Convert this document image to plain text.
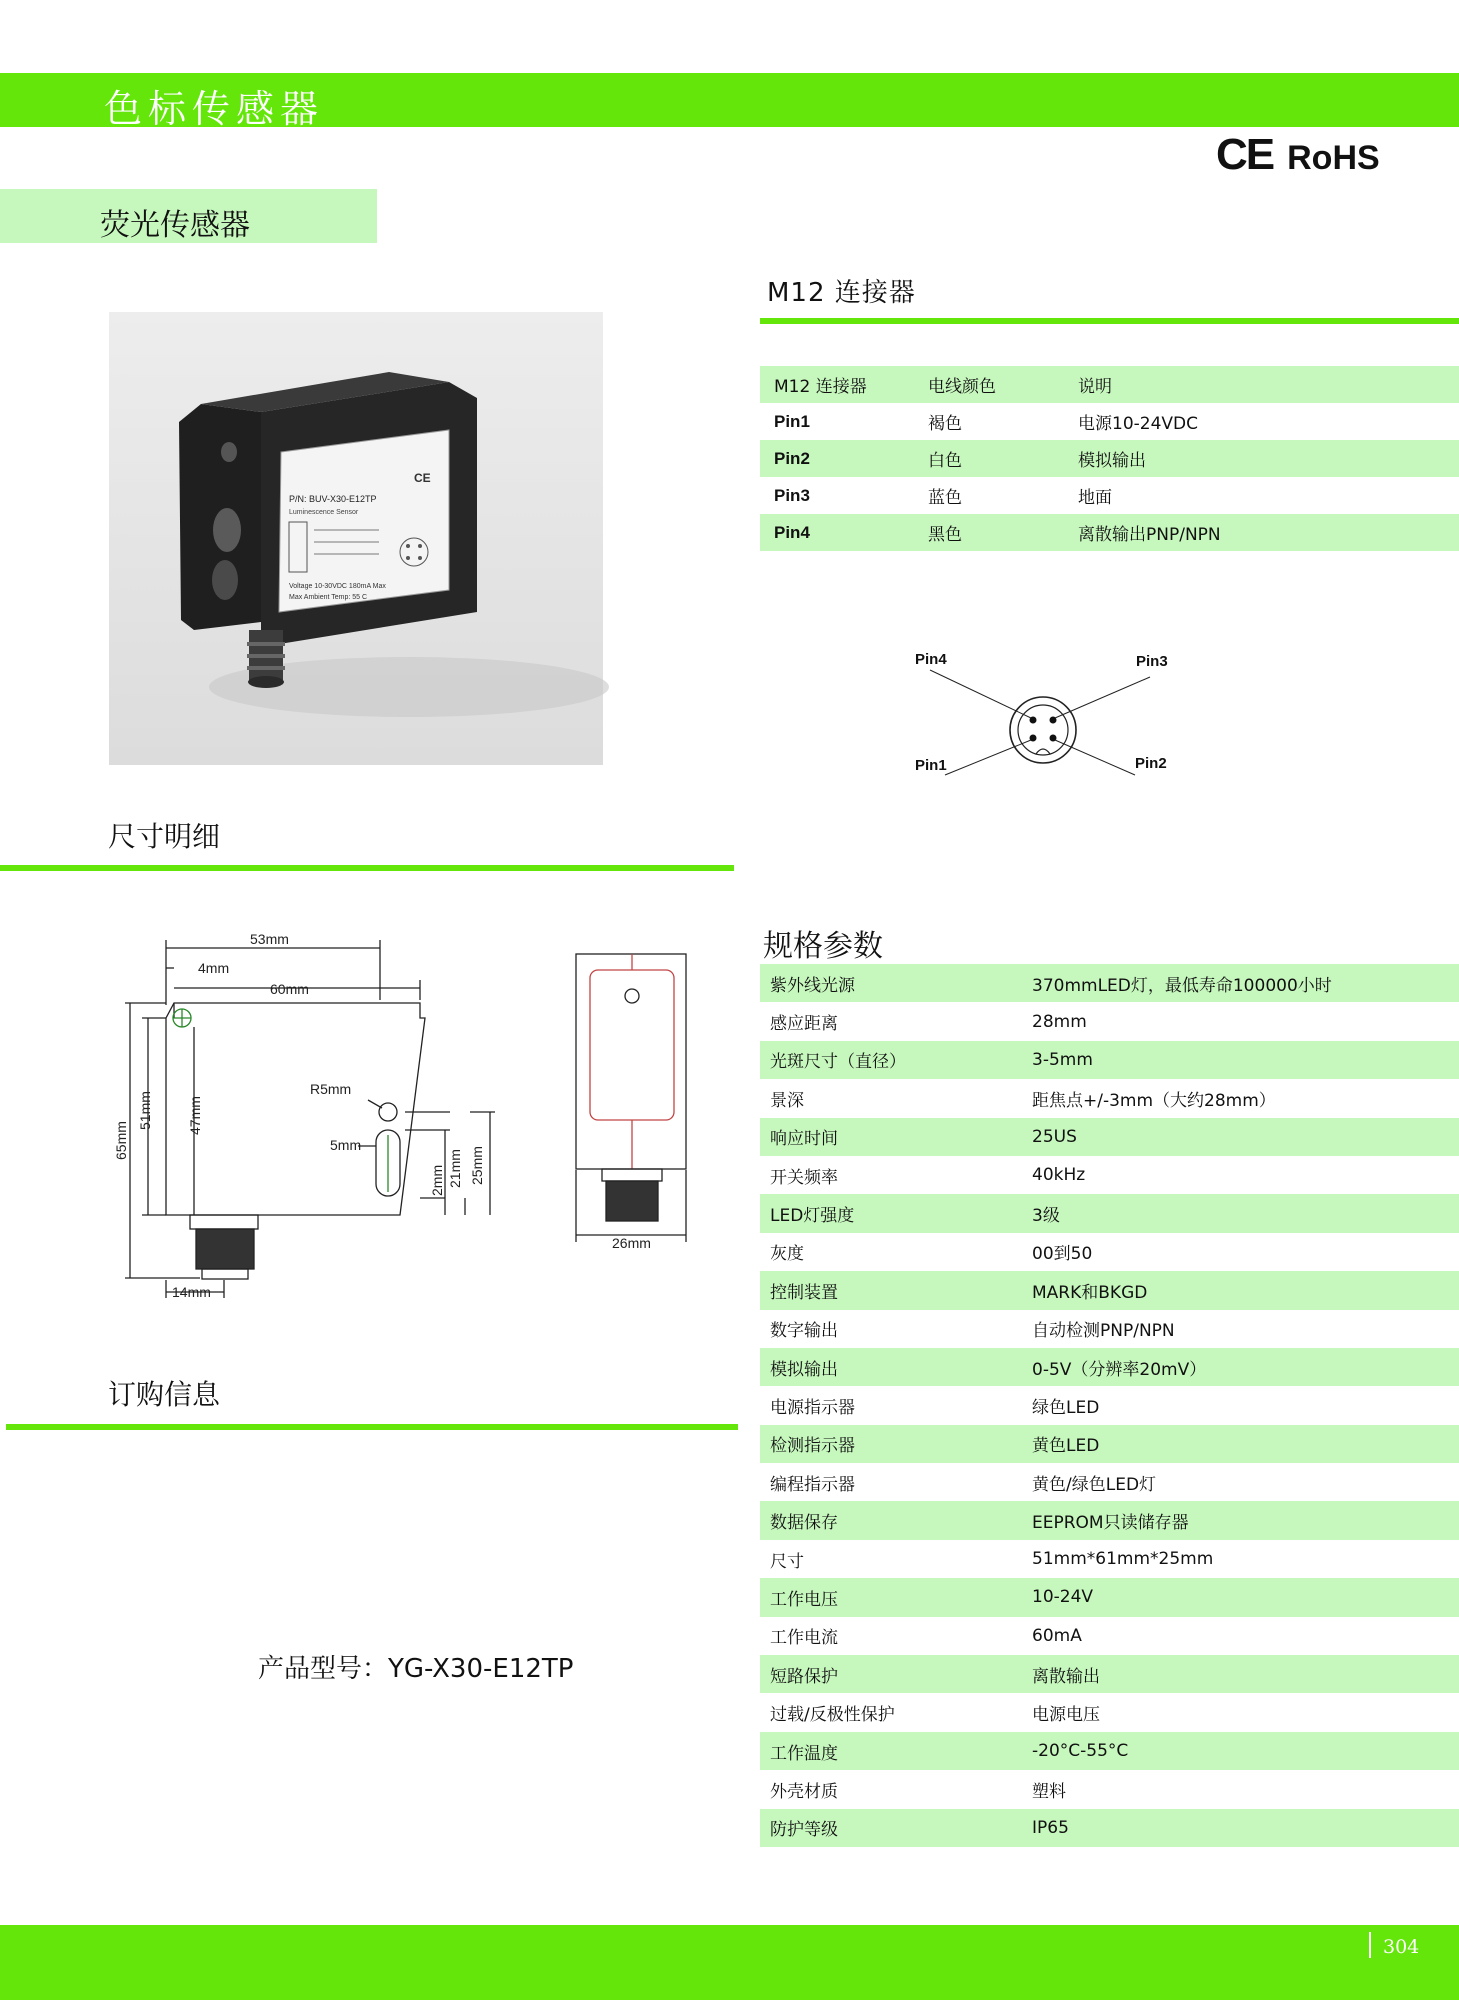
色标传感器
CE RoHS
荧光传感器
CE
P/N: BUV-X30-E12TP
Luminescence Sensor
Voltage 10-30VDC 180mA Max
Max Ambient Temp: 55 C
M12 连接器
M12 连接器	电线颜色	说明
Pin1	褐色	电源10-24VDC
Pin2	白色	模拟输出
Pin3	蓝色	地面
Pin4	黑色	离散输出PNP/NPN
Pin4	Pin3
Pin1	Pin2
尺寸明细
53mm
4mm
60mm
65mm
51mm 47mm
R5mm
5mm
21mm 25mm
2mm
14mm
26mm
订购信息
产品型号：YG-X30-E12TP
规格参数
紫外线光源	370mmLED灯，最低寿命100000小时
感应距离	28mm
光斑尺寸（直径）	3-5mm
景深	距焦点+/-3mm（大约28mm）
响应时间	25US
开关频率	40kHz
LED灯强度	3级
灰度	00到50
控制装置	MARK和BKGD
数字输出	自动检测PNP/NPN
模拟输出	0-5V（分辨率20mV）
电源指示器	绿色LED
检测指示器	黄色LED
编程指示器	黄色/绿色LED灯
数据保存	EEPROM只读储存器
尺寸	51mm*61mm*25mm
工作电压	10-24V
工作电流	60mA
短路保护	离散输出
过载/反极性保护	电源电压
工作温度	-20°C-55°C
外壳材质	塑料
防护等级	IP65
304
